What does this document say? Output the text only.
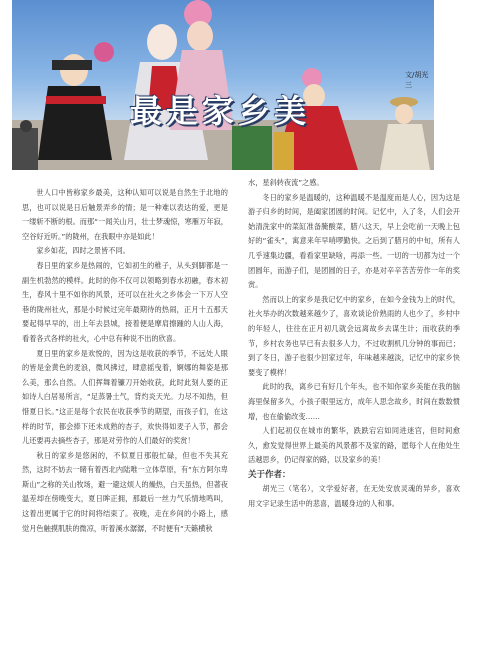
最是家乡美
文/胡光三

世人口中皆称家乡最美，这种认知可以说是自然生于北地的思，也可以说是日后触景弄乡的情；是一种难以表达的爱，更是一缕斩不断的根。而那“一闻关山月，壮士梦魂惊，寒雁万年寂，空谷好近听。”的陇州，在我眼中亦是如此！

家乡如花，四时之景皆不同。

春日里的家乡是热闹的，它如初生的稚子，从头到脚都是一副生机勃然的模样。此时的你不仅可以领略到春水初融，春木初生，春风十里不如你的风景，还可以在社火之乡体会一下万人空巷的陇州社火，那是小时候过完年最期待的热闹，正月十五那天要起得早早的，出上年去县城，接着便是摩肩擦踵的人山人海，看着各式各样的社火，心中总有种说不出的欣喜。

夏日里的家乡是欢悦的，因为这是收获的季节，不远处人眼的皆是金黄色的麦浪，微风拂过，肆意摇曳着，婀娜的舞姿是那么美，那么自然。人们挥舞着镰刀开始收获，此时此刻人要的正如诗人白居易所言，“足蒸暑土气，背灼炎天光。力尽不知热，但惜夏日长。”这正是每个农民在收获季节的期望，而孩子们，在这样的时节，都会捧下还未成熟的杏子，欢快得如麦子入节，都会儿还要再去摘些杏子，那是对劳作的人们最好的奖赏！

秋日的家乡是悠闲的，不似夏日那般忙碌，但也不失其充然，这时不妨去一睹有着西北内陆唯一立体草原，有“东方阿尔卑斯山”之称的关山牧场，避一避这烦人的燥热，白天虽热，但著夜温差却在傍晚变大，夏日眸正拥，那最后一丝力气乐情地鸣叫，这着出更属于它的时间将结束了。夜晚，走在乡间的小路上，感觉月色触摸肌肤的微凉，听着溪水潺潺，不时便有“天籁横秋

水，星斜转夜流”之感。

冬日的家乡是温暖的，这种温暖不是温度而是人心，因为这是游子归乡的时间，是阖家团圆的时间。记忆中，入了冬，人们会开始清洗家中的菜缸准备腌酸菜，腊八这天，早上会吃前一天晚上包好的“雀头”，寓意来年早哨啰勤快。之后到了腊月的中旬，所有人几乎速集边疆，看看家里缺啥，再添一些。一切的一切都为过一个团圆年，而游子们，是团圆的日子，亦是对辛辛苦苦劳作一年的奖赏。

然而以上的家乡是我记忆中的家乡，在如今金钱为上的时代，社火举办的次数越来越少了，喜欢谈论价熟雨的人也少了，乡村中的年轻人，往往在正月初几就会远离故乡去谋生计；而收获的季节，乡村农务也早已有去很多人力，不过收割机几分钟的事而已；到了冬日，游子也很少回家过年，年味越来越淡，记忆中的家乡快要变了模样！

此时的我，离乡已有好几个年头，也不知你家乡美能在我的脑海里保留多久，小孩子眼里远方，成年人思念故乡，时间在数数惯增，也在偷偷改变……

人们起初仅在城市的繁华，跌跌宕宕如同进迷宫，但时间愈久，愈发觉得世界上最美的风景都不及家的路，愿每个人在他处生活越思乡，仍记得家的路，以及家乡的美！

关于作者：

胡光三（笔名），文学爱好者，在无处安放灵魂的异乡，喜欢用文字记录生活中的悲喜，温暖身边的人和事。
